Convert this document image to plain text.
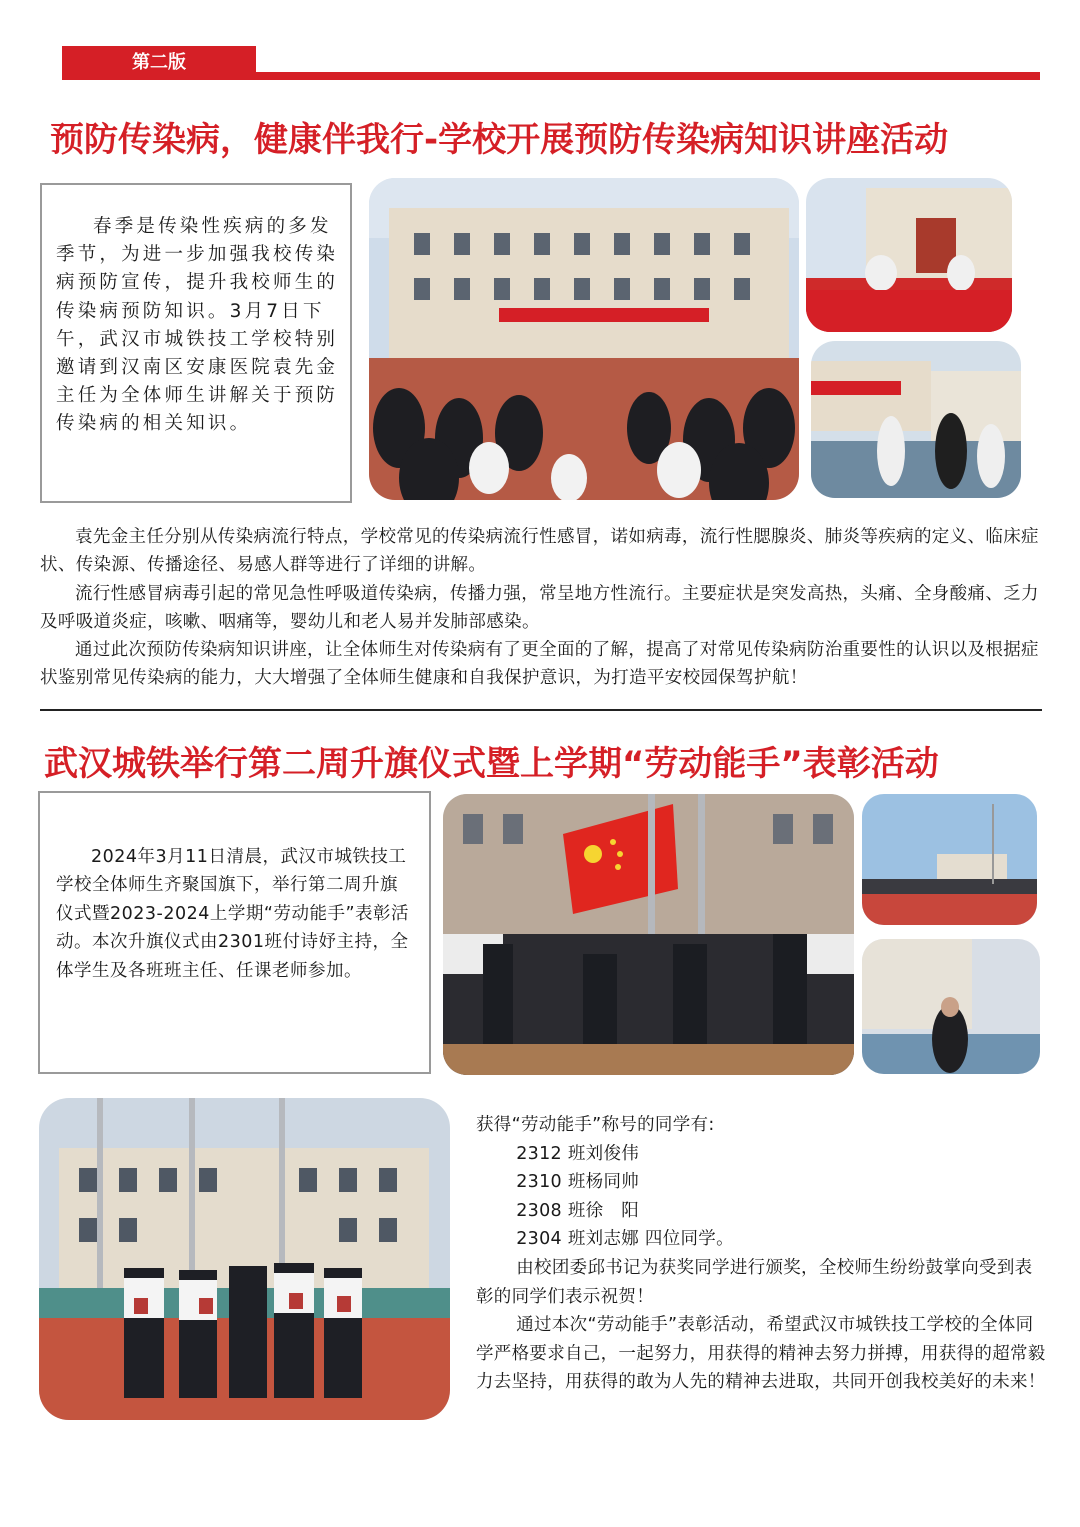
第二版
预防传染病，健康伴我行-学校开展预防传染病知识讲座活动

春季是传染性疾病的多发季节，为进一步加强我校传染病预防宣传，提升我校师生的传染病预防知识。3月7日下午，武汉市城铁技工学校特别邀请到汉南区安康医院袁先金主任为全体师生讲解关于预防传染病的相关知识。

袁先金主任分别从传染病流行特点，学校常见的传染病流行性感冒，诺如病毒，流行性腮腺炎、肺炎等疾病的定义、临床症状、传染源、传播途径、易感人群等进行了详细的讲解。

流行性感冒病毒引起的常见急性呼吸道传染病，传播力强，常呈地方性流行。主要症状是突发高热，头痛、全身酸痛、乏力及呼吸道炎症，咳嗽、咽痛等，婴幼儿和老人易并发肺部感染。

通过此次预防传染病知识讲座，让全体师生对传染病有了更全面的了解，提高了对常见传染病防治重要性的认识以及根据症状鉴别常见传染病的能力，大大增强了全体师生健康和自我保护意识，为打造平安校园保驾护航！

武汉城铁举行第二周升旗仪式暨上学期“劳动能手”表彰活动

2024年3月11日清晨，武汉市城铁技工学校全体师生齐聚国旗下，举行第二周升旗仪式暨2023-2024上学期“劳动能手”表彰活动。本次升旗仪式由2301班付诗妤主持，全体学生及各班班主任、任课老师参加。

获得“劳动能手”称号的同学有:

2312 班刘俊伟

2310 班杨同帅

2308 班徐　阳

2304 班刘志娜 四位同学。

由校团委邱书记为获奖同学进行颁奖，全校师生纷纷鼓掌向受到表彰的同学们表示祝贺！

通过本次“劳动能手”表彰活动，希望武汉市城铁技工学校的全体同学严格要求自己，一起努力，用获得的精神去努力拼搏，用获得的超常毅力去坚持，用获得的敢为人先的精神去进取，共同开创我校美好的未来！
